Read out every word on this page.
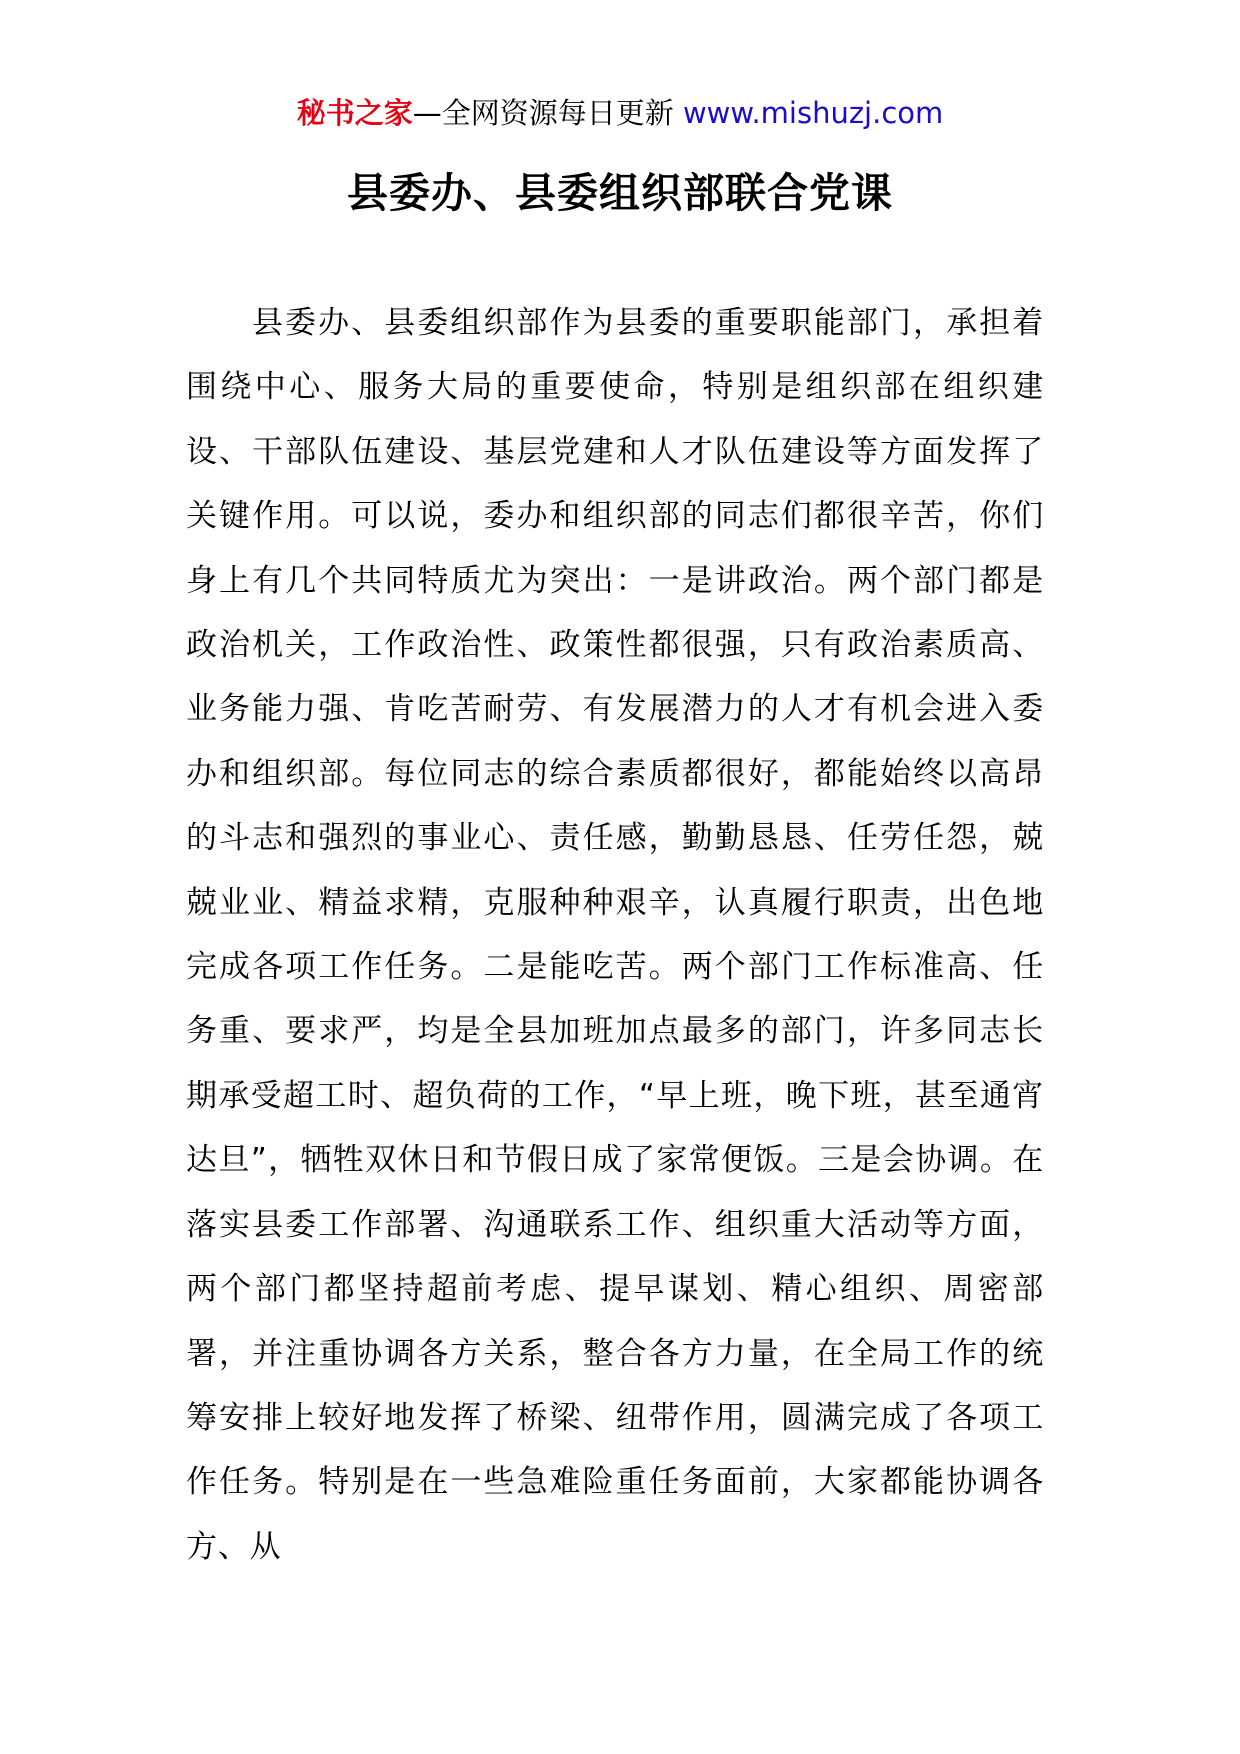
秘书之家—全网资源每日更新 www.mishuzj.com
县委办、县委组织部联合党课

县委办、县委组织部作为县委的重要职能部门，承担着围绕中心、服务大局的重要使命，特别是组织部在组织建设、干部队伍建设、基层党建和人才队伍建设等方面发挥了关键作用。可以说，委办和组织部的同志们都很辛苦，你们身上有几个共同特质尤为突出：一是讲政治。两个部门都是政治机关，工作政治性、政策性都很强，只有政治素质高、业务能力强、肯吃苦耐劳、有发展潜力的人才有机会进入委办和组织部。每位同志的综合素质都很好，都能始终以高昂的斗志和强烈的事业心、责任感，勤勤恳恳、任劳任怨，兢兢业业、精益求精，克服种种艰辛，认真履行职责，出色地完成各项工作任务。二是能吃苦。两个部门工作标准高、任务重、要求严，均是全县加班加点最多的部门，许多同志长期承受超工时、超负荷的工作，“早上班，晚下班，甚至通宵达旦”，牺牲双休日和节假日成了家常便饭。三是会协调。在落实县委工作部署、沟通联系工作、组织重大活动等方面，两个部门都坚持超前考虑、提早谋划、精心组织、周密部署，并注重协调各方关系，整合各方力量，在全局工作的统筹安排上较好地发挥了桥梁、纽带作用，圆满完成了各项工作任务。特别是在一些急难险重任务面前，大家都能协调各方、从
